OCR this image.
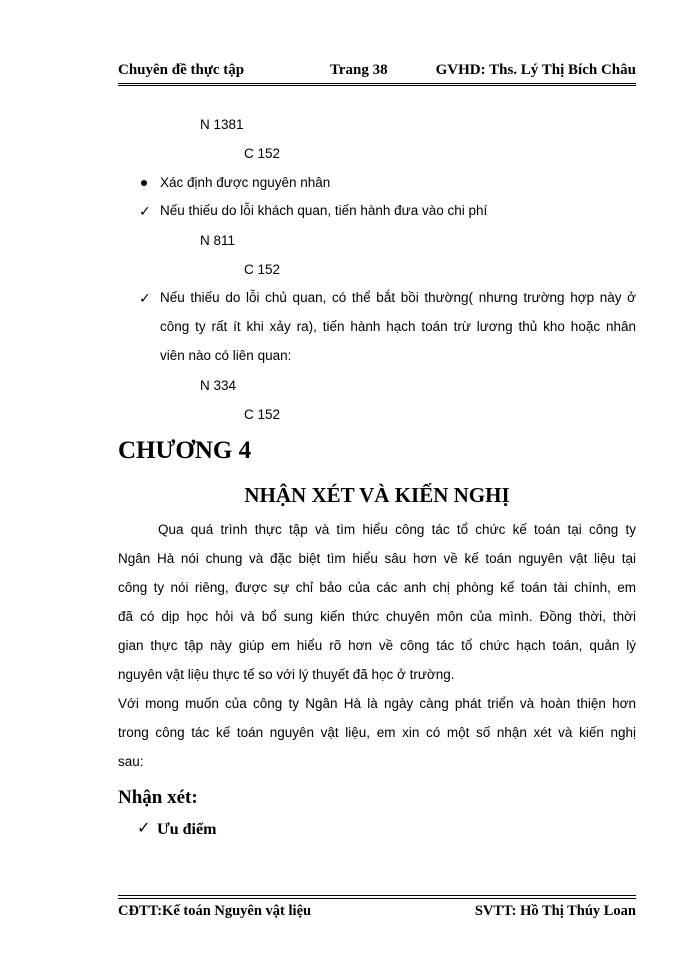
Chuyên đề thực tập	Trang 38	GVHD: Ths. Lý Thị Bích Châu
N 1381
C 152
Xác định được nguyên nhân
✓ Nếu thiếu do lỗi khách quan, tiến hành đưa vào chi phí
N 811
C 152
✓ Nếu thiếu do lỗi chủ quan, có thể bắt bồi thường( nhưng trường hợp này ở
công ty rất ít khi xảy ra), tiến hành hạch toán trừ lương thủ kho hoặc nhân
viên nào có liên quan:
N 334
C 152
CHƯƠNG 4
NHẬN XÉT VÀ KIẾN NGHỊ
Qua quá trình thực tập và tìm hiểu công tác tổ chức kế toán tại công ty
Ngân Hà nói chung và đặc biệt tìm hiểu sâu hơn về kế toán nguyên vật liệu tại
công ty nói riêng, được sự chỉ bảo của các anh chị phòng kế toán tài chính, em
đã có dịp học hỏi và bổ sung kiến thức chuyên môn của mình. Đồng thời, thời
gian thực tập này giúp em hiểu rõ hơn về công tác tổ chức hạch toán, quản lý
nguyên vật liệu thực tế so với lý thuyết đã học ở trường.
Với mong muốn của công ty Ngân Hà là ngày càng phát triển và hoàn thiện hơn
trong công tác kế toán nguyên vật liệu, em xin có một số nhận xét và kiến nghị
sau:
Nhận xét:
✓ Ưu điểm
CĐTT:Kế toán Nguyên vật liệu	SVTT: Hồ Thị Thúy Loan
